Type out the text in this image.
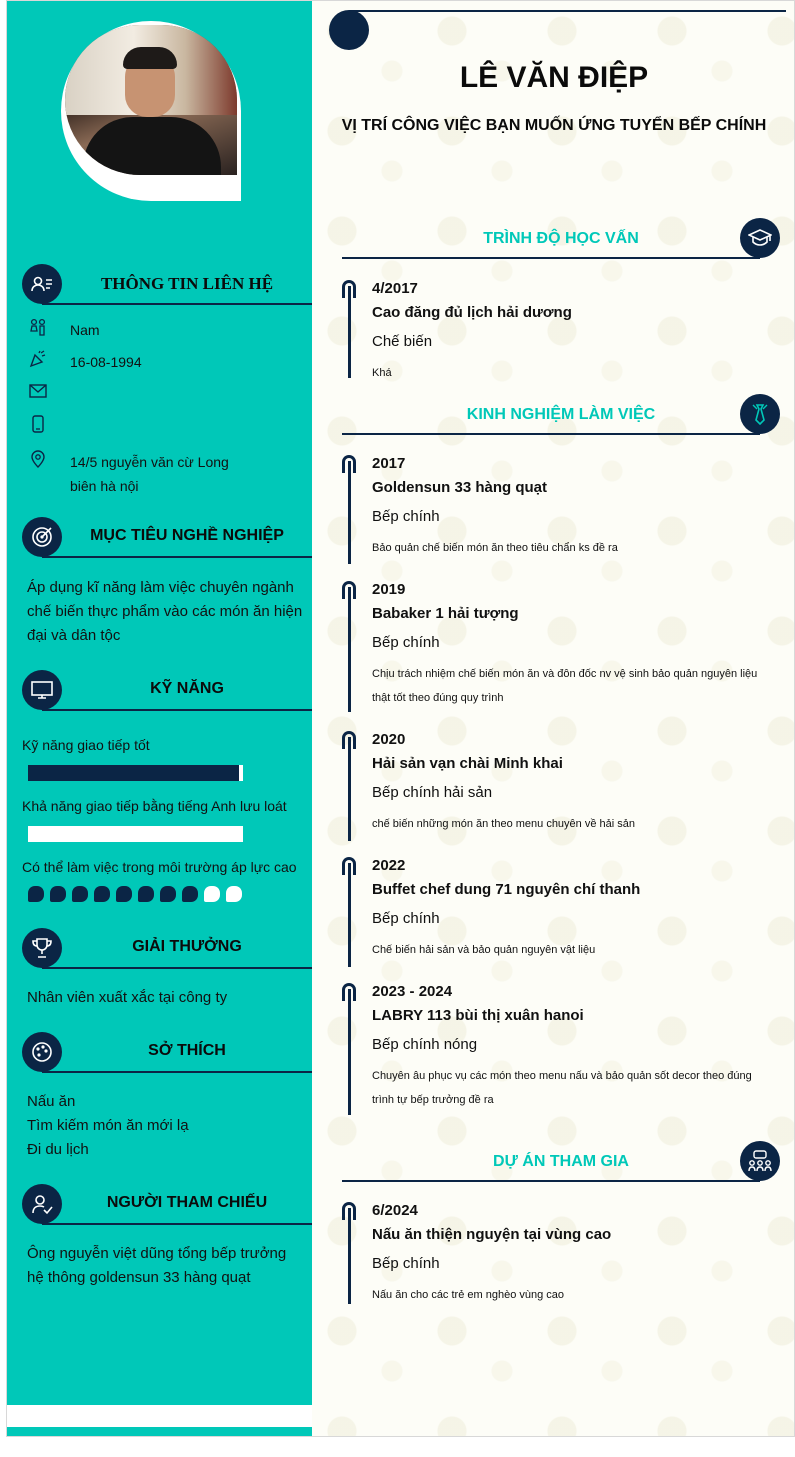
THÔNG TIN LIÊN HỆ
Nam
16-08-1994
14/5 nguyễn văn cừ Long biên hà nội
MỤC TIÊU NGHỀ NGHIỆP
Áp dụng kĩ năng làm việc chuyên ngành chế biến thực phẩm vào các món ăn hiện đại và dân tộc
KỸ NĂNG
Kỹ năng giao tiếp tốt
Khả năng giao tiếp bằng tiếng Anh lưu loát
Có thể làm việc trong môi trường áp lực cao
GIẢI THƯỞNG
Nhân viên xuất xắc tại công ty
SỞ THÍCH
Nấu ăn
Tìm kiếm món ăn mới lạ
Đi du lịch
NGƯỜI THAM CHIẾU
Ông nguyễn việt dũng tổng bếp trưởng hệ thông goldensun 33 hàng quạt
LÊ VĂN ĐIỆP
VỊ TRÍ CÔNG VIỆC BẠN MUỐN ỨNG TUYỂN BẾP CHÍNH
TRÌNH ĐỘ HỌC VẤN
4/2017
Cao đăng đủ lịch hải dương
Chế biến
Khá
KINH NGHIỆM LÀM VIỆC
2017
Goldensun 33 hàng quạt
Bếp chính
Bảo quản chế biến món ăn theo tiêu chẩn ks đề ra
2019
Babaker 1 hải tượng
Bếp chính
Chịu trách nhiệm chế biến món ăn và đôn đốc nv vệ sinh bảo quản nguyên liệu thật tốt theo đúng quy trình
2020
Hải sản vạn chài Minh khai
Bếp chính hải sản
chế biến những món ăn theo menu chuyên về hải sản
2022
Buffet chef dung 71 nguyên chí thanh
Bếp chính
Chế biến hải sản và bảo quản nguyên vật liệu
2023 - 2024
LABRY 113 bùi thị xuân hanoi
Bếp chính nóng
Chuyên âu phục vụ các món theo menu nấu và bảo quản sốt decor theo đúng trình tự bếp trưởng đề ra
DỰ ÁN THAM GIA
6/2024
Nấu ăn thiện nguyện tại vùng cao
Bếp chính
Nấu ăn cho các trẻ em nghèo vùng cao
